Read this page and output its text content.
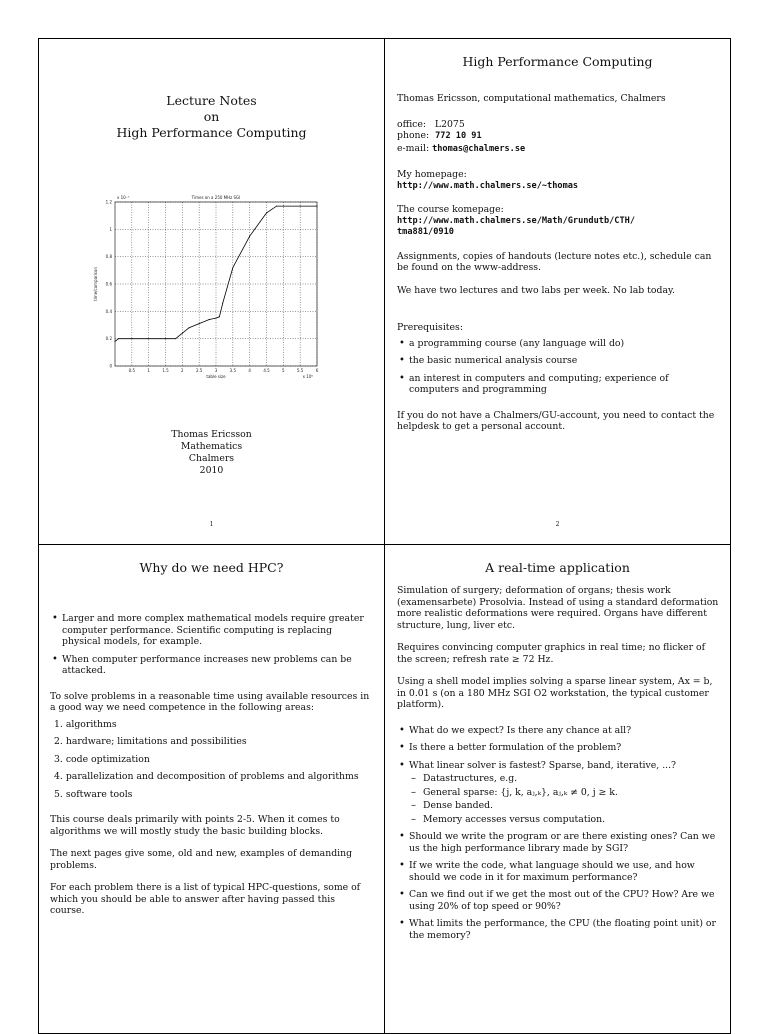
Lecture Notes
on
High Performance Computing
0.5	1	1.5	2	2.5	3	3.5	4	4.5	5	5.5	6
0
0.2
0.4
0.6
0.8
1
1.2
Times on a 250 MHz SGI
table size	x 10⁵
x 10⁻⁷
time/comparison
Thomas Ericsson
Mathematics
Chalmers
2010
1
High Performance Computing
Thomas Ericsson, computational mathematics, Chalmers
office: L2075
phone: 772 10 91
e-mail: thomas@chalmers.se
My homepage:
http://www.math.chalmers.se/~thomas
The course komepage:
http://www.math.chalmers.se/Math/Grundutb/CTH/
tma881/0910
Assignments, copies of handouts (lecture notes etc.), schedule can be found on the www-address.
We have two lectures and two labs per week. No lab today.
Prerequisites:
• a programming course (any language will do)
• the basic numerical analysis course
• an interest in computers and computing; experience of computers and programming
If you do not have a Chalmers/GU-account, you need to contact the helpdesk to get a personal account.
2
Why do we need HPC?
• Larger and more complex mathematical models require greater computer performance. Scientific computing is replacing physical models, for example.
• When computer performance increases new problems can be attacked.
To solve problems in a reasonable time using available resources in a good way we need competence in the following areas:
1. algorithms
2. hardware; limitations and possibilities
3. code optimization
4. parallelization and decomposition of problems and algorithms
5. software tools
This course deals primarily with points 2-5. When it comes to algorithms we will mostly study the basic building blocks.
The next pages give some, old and new, examples of demanding problems.
For each problem there is a list of typical HPC-questions, some of which you should be able to answer after having passed this course.
A real-time application
Simulation of surgery; deformation of organs; thesis work (examensarbete) Prosolvia. Instead of using a standard deformation more realistic deformations were required. Organs have different structure, lung, liver etc.
Requires convincing computer graphics in real time; no flicker of the screen; refresh rate ≥ 72 Hz.
Using a shell model implies solving a sparse linear system, Ax = b, in 0.01 s (on a 180 MHz SGI O2 workstation, the typical customer platform).
• What do we expect? Is there any chance at all?
• Is there a better formulation of the problem?
• What linear solver is fastest? Sparse, band, iterative, ...?
– Datastructures, e.g.
– General sparse: {j, k, aⱼ,ₖ}, aⱼ,ₖ ≠ 0, j ≥ k.
– Dense banded.
– Memory accesses versus computation.
• Should we write the program or are there existing ones? Can we us the high performance library made by SGI?
• If we write the code, what language should we use, and how should we code in it for maximum performance?
• Can we find out if we get the most out of the CPU? How? Are we using 20% of top speed or 90%?
• What limits the performance, the CPU (the floating point unit) or the memory?
